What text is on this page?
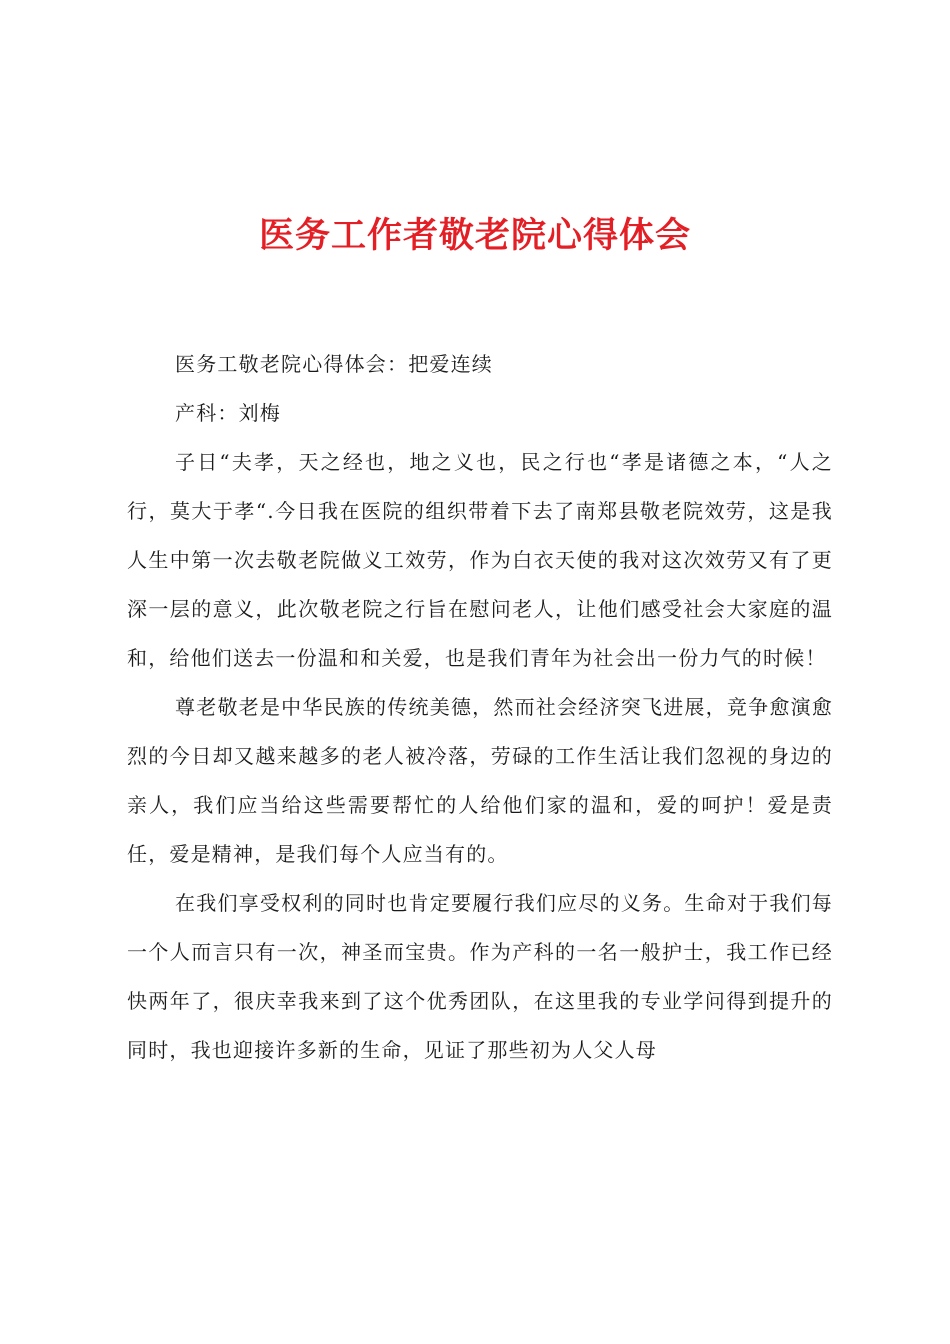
医务工作者敬老院心得体会

医务工敬老院心得体会：把爱连续

产科：刘梅

子日“夫孝，天之经也，地之义也，民之行也“孝是诸德之本，“人之行，莫大于孝“.今日我在医院的组织带着下去了南郑县敬老院效劳，这是我人生中第一次去敬老院做义工效劳，作为白衣天使的我对这次效劳又有了更深一层的意义，此次敬老院之行旨在慰问老人，让他们感受社会大家庭的温和，给他们送去一份温和和关爱，也是我们青年为社会出一份力气的时候！

尊老敬老是中华民族的传统美德，然而社会经济突飞进展，竞争愈演愈烈的今日却又越来越多的老人被冷落，劳碌的工作生活让我们忽视的身边的亲人，我们应当给这些需要帮忙的人给他们家的温和，爱的呵护！爱是责任，爱是精神，是我们每个人应当有的。

在我们享受权利的同时也肯定要履行我们应尽的义务。生命对于我们每一个人而言只有一次，神圣而宝贵。作为产科的一名一般护士，我工作已经快两年了，很庆幸我来到了这个优秀团队，在这里我的专业学问得到提升的同时，我也迎接许多新的生命，见证了那些初为人父人母
